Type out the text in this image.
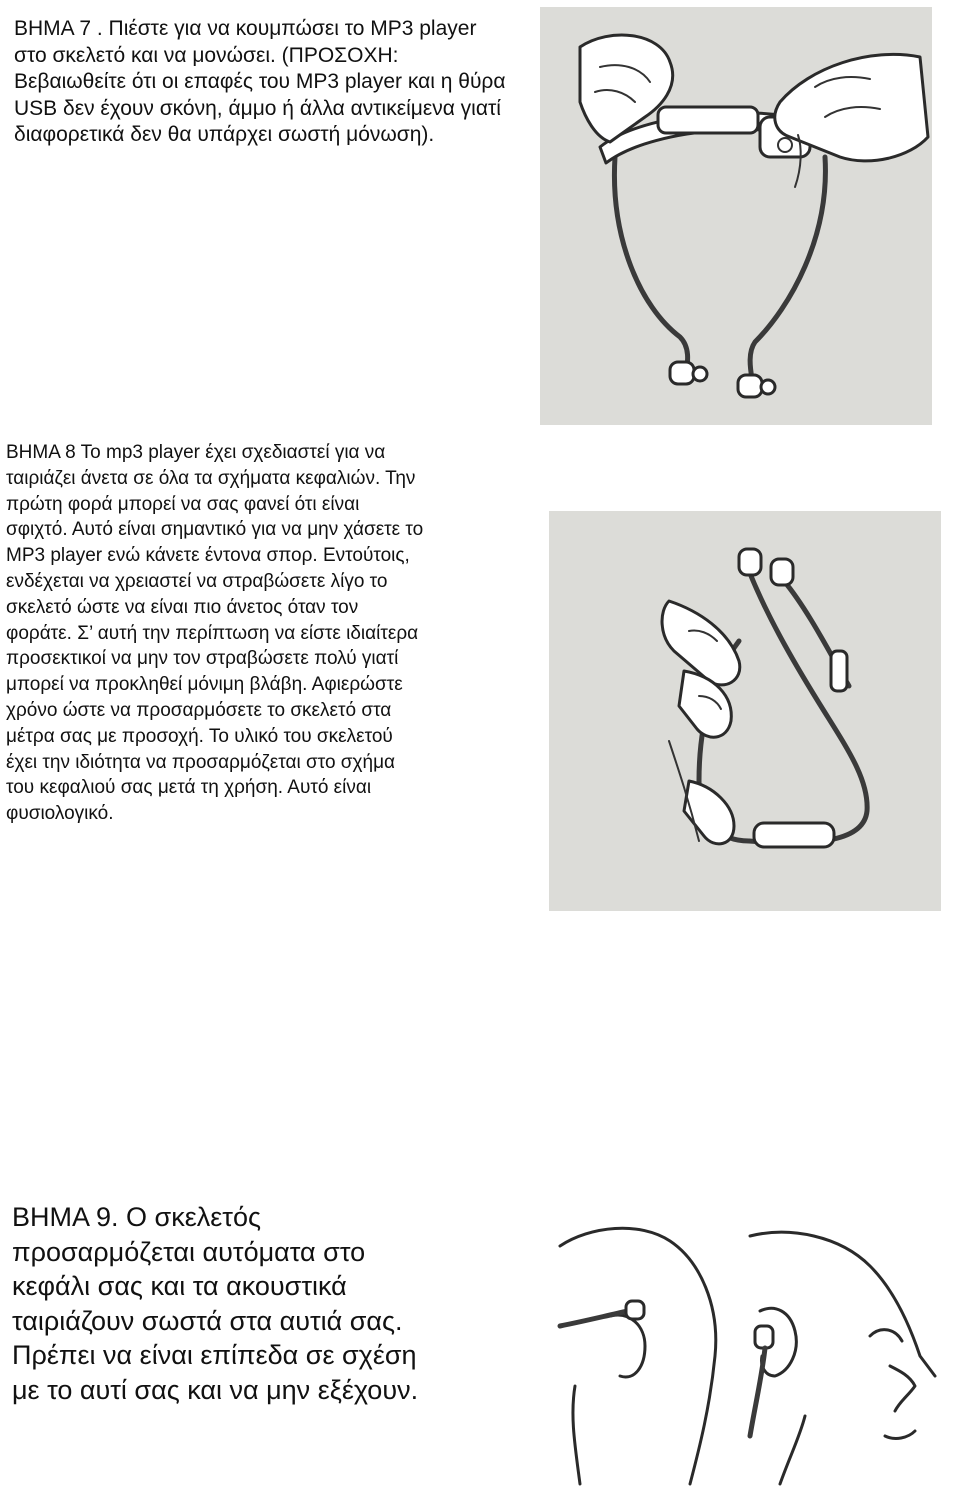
ΒΗΜΑ 7 . Πιέστε για να κουμπώσει το MP3 player στο σκελετό και να μονώσει. (ΠΡΟΣΟΧΗ: Βεβαιωθείτε ότι οι επαφές του MP3 player και η θύρα USB δεν έχουν σκόνη, άμμο ή άλλα αντικείμενα γιατί διαφορετικά δεν θα υπάρχει σωστή μόνωση).
ΒΗΜΑ 8 Το mp3 player έχει σχεδιαστεί για να ταιριάζει άνετα σε όλα τα σχήματα κεφαλιών. Την πρώτη φορά μπορεί να σας φανεί ότι είναι σφιχτό. Αυτό είναι σημαντικό για να μην χάσετε το MP3 player ενώ κάνετε έντονα σπορ. Εντούτοις, ενδέχεται να χρειαστεί να στραβώσετε λίγο το σκελετό ώστε να είναι πιο άνετος όταν τον φοράτε. Σ’ αυτή την περίπτωση να είστε ιδιαίτερα προσεκτικοί να μην τον στραβώσετε πολύ γιατί μπορεί να προκληθεί μόνιμη βλάβη. Αφιερώστε χρόνο ώστε να προσαρμόσετε το σκελετό στα μέτρα σας με προσοχή. Το υλικό του σκελετού έχει την ιδιότητα να προσαρμόζεται στο σχήμα του κεφαλιού σας μετά τη χρήση. Αυτό είναι φυσιολογικό.
ΒΗΜΑ 9. Ο σκελετός προσαρμόζεται αυτόματα στο κεφάλι σας και τα ακουστικά ταιριάζουν σωστά στα αυτιά σας. Πρέπει να είναι επίπεδα σε σχέση με το αυτί σας και να μην εξέχουν.
